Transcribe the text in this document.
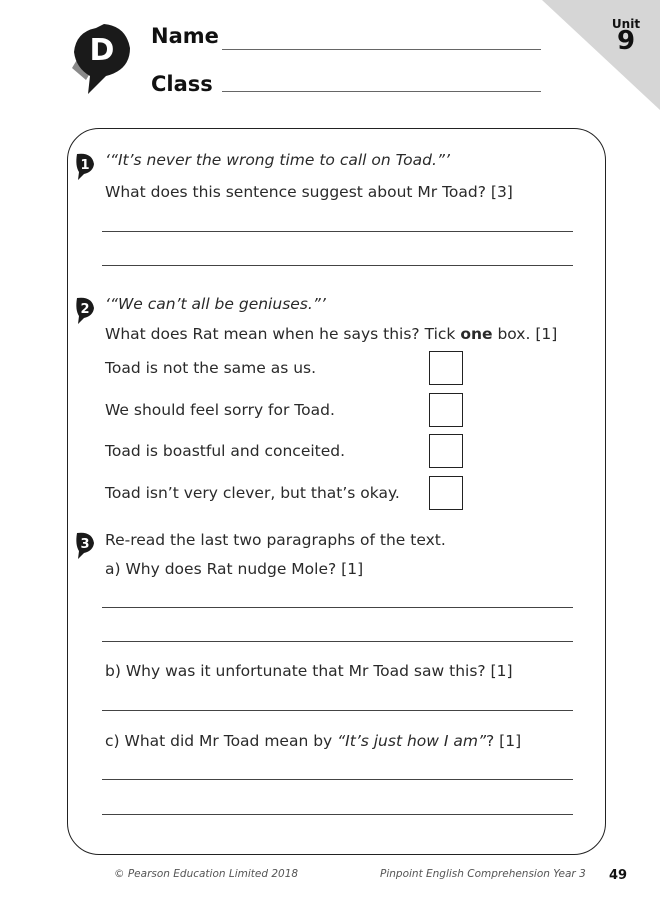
D Name
Class
Unit
9
1 ‘“It’s never the wrong time to call on Toad.”’
What does this sentence suggest about Mr Toad? [3]
2 ‘“We can’t all be geniuses.”’
What does Rat mean when he says this? Tick one box. [1]
Toad is not the same as us.
We should feel sorry for Toad.
Toad is boastful and conceited.
Toad isn’t very clever, but that’s okay.
3 Re-read the last two paragraphs of the text.
a) Why does Rat nudge Mole? [1]
b) Why was it unfortunate that Mr Toad saw this? [1]
c) What did Mr Toad mean by “It’s just how I am”? [1]
© Pearson Education Limited 2018	Pinpoint English Comprehension Year 3 49
